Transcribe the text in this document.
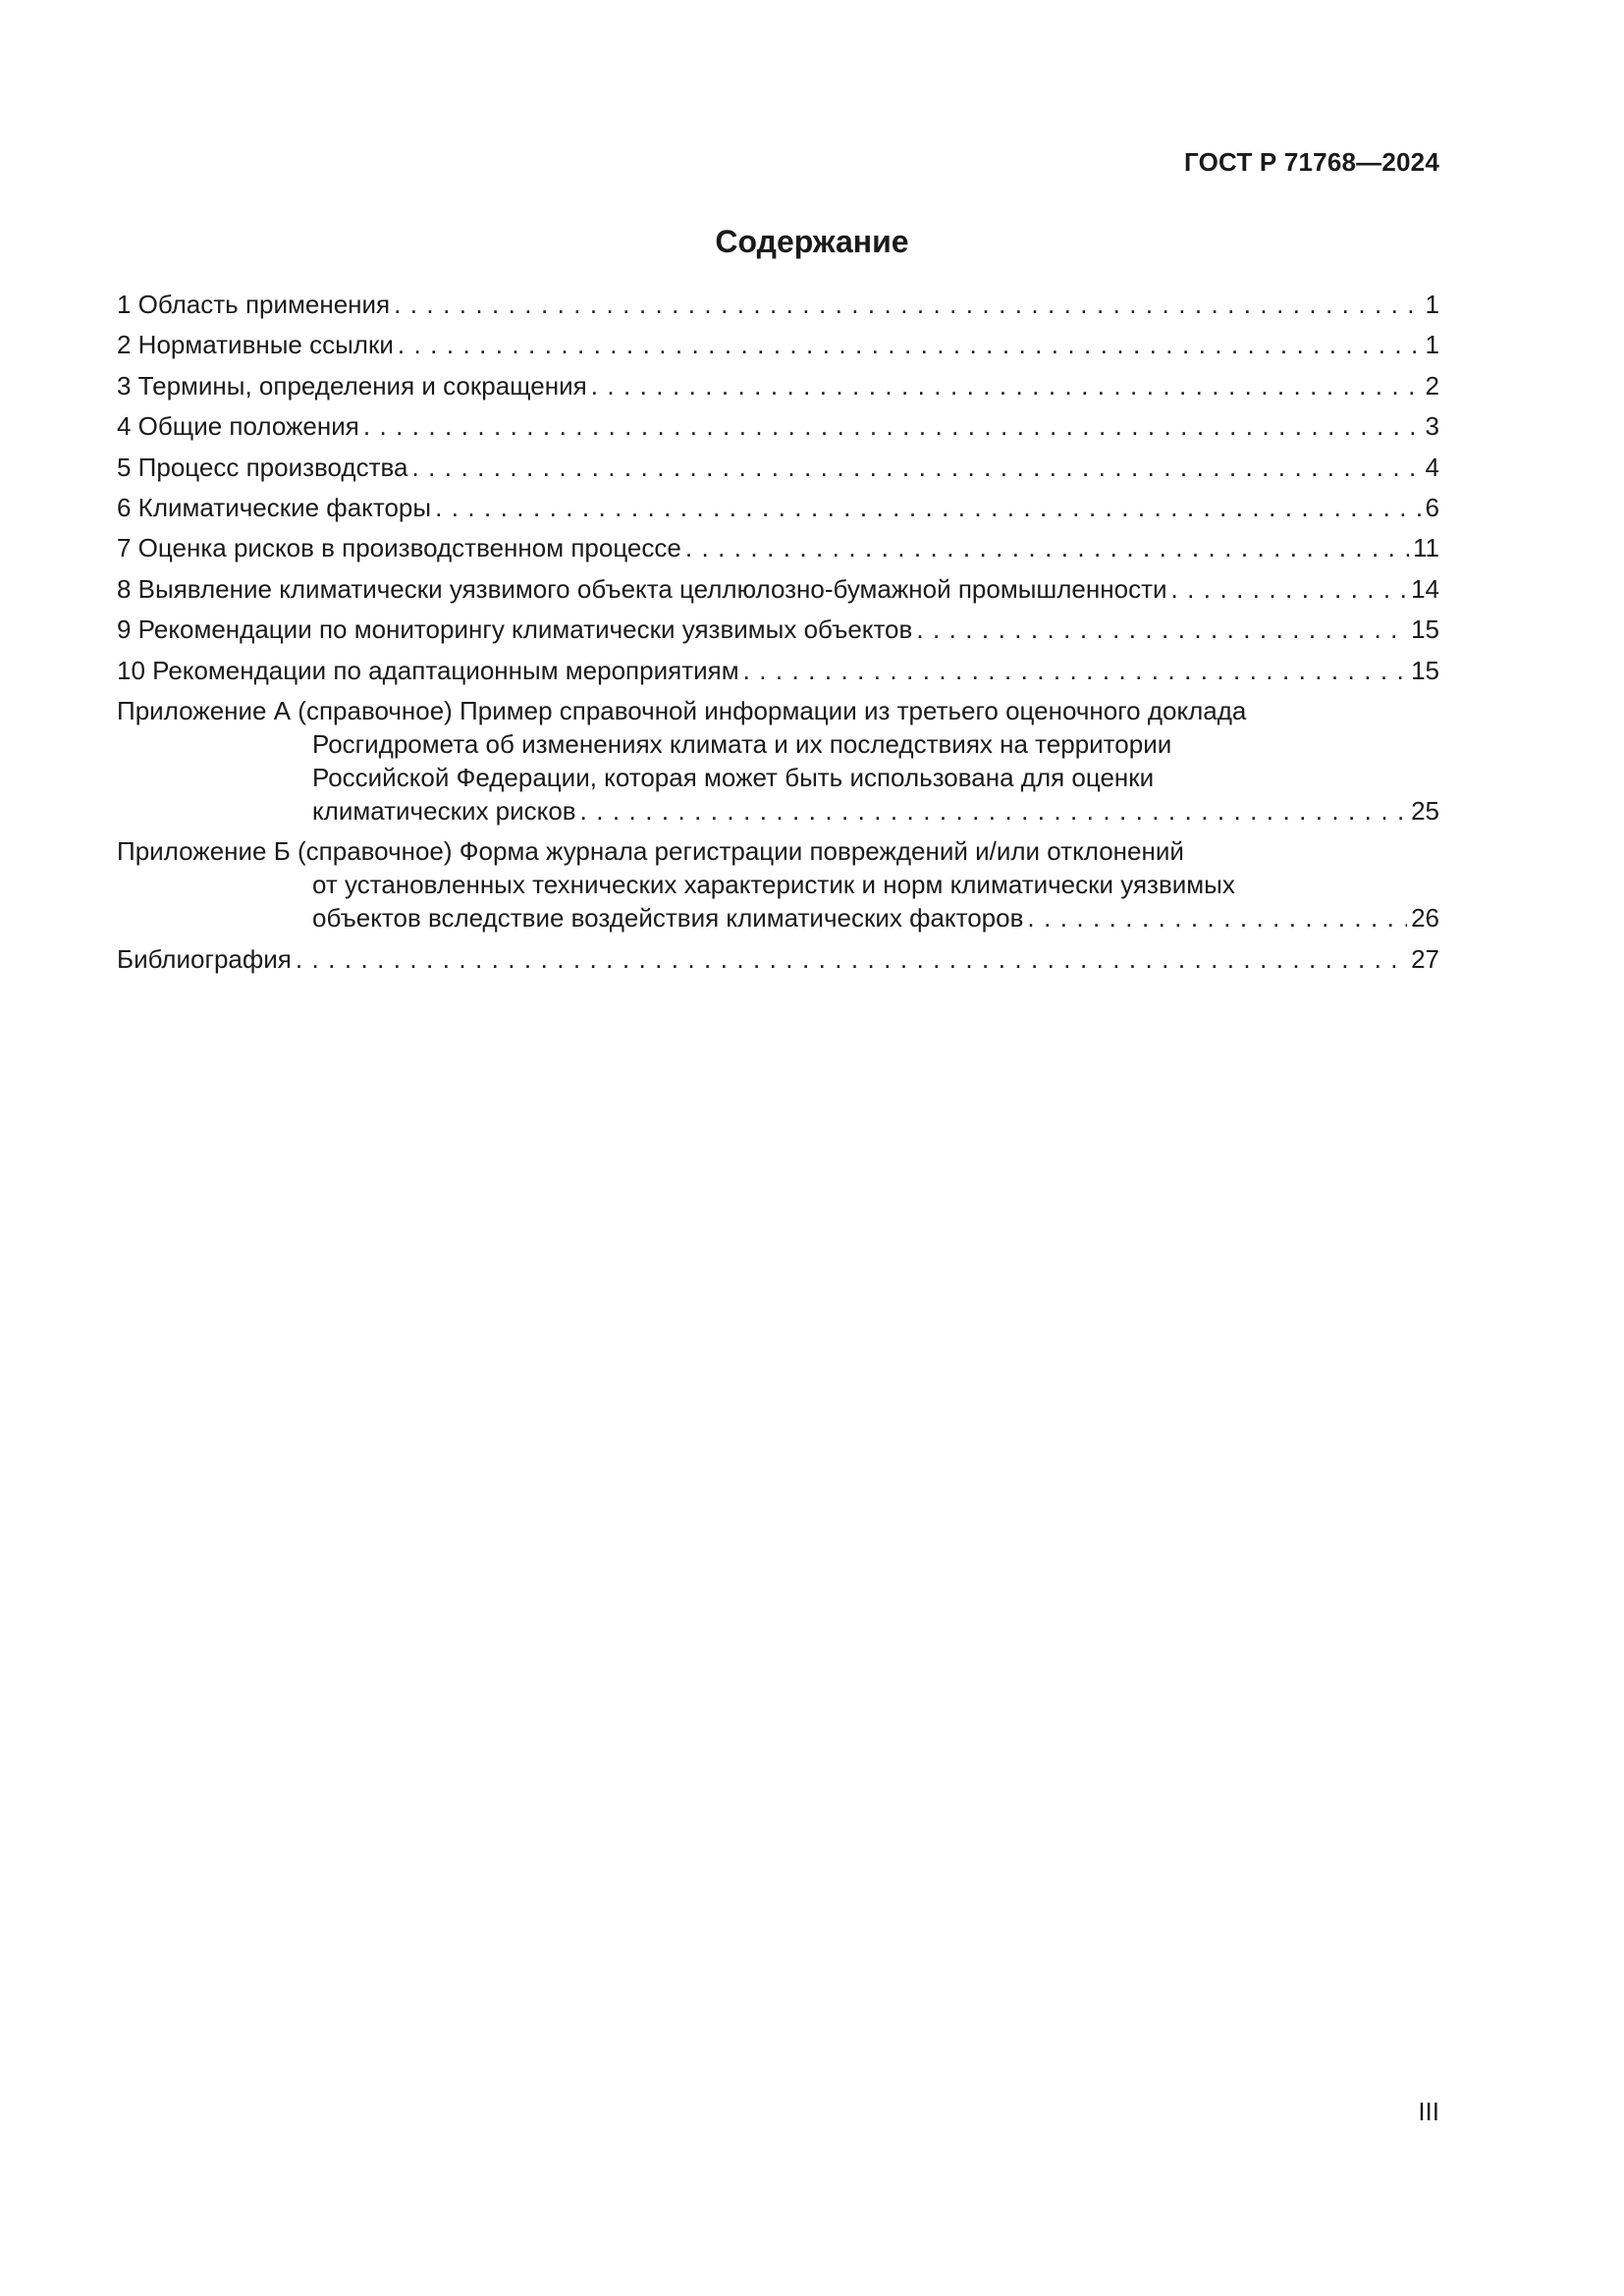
ГОСТ Р 71768—2024
Содержание
1 Область применения . . .	1
2 Нормативные ссылки . . .	1
3 Термины, определения и сокращения . . .	2
4 Общие положения . . .	3
5 Процесс производства . . .	4
6 Климатические факторы . . .	6
7 Оценка рисков в производственном процессе . . .	11
8 Выявление климатически уязвимого объекта целлюлозно-бумажной промышленности . . .	14
9 Рекомендации по мониторингу климатически уязвимых объектов . . .	15
10 Рекомендации по адаптационным мероприятиям . . .	15
Приложение А (справочное) Пример справочной информации из третьего оценочного доклада
Росгидромета об изменениях климата и их последствиях на территории
Российской Федерации, которая может быть использована для оценки
климатических рисков . . .	25
Приложение Б (справочное) Форма журнала регистрации повреждений и/или отклонений
от установленных технических характеристик и норм климатически уязвимых
объектов вследствие воздействия климатических факторов . . .	26
Библиография . . .	27
III
